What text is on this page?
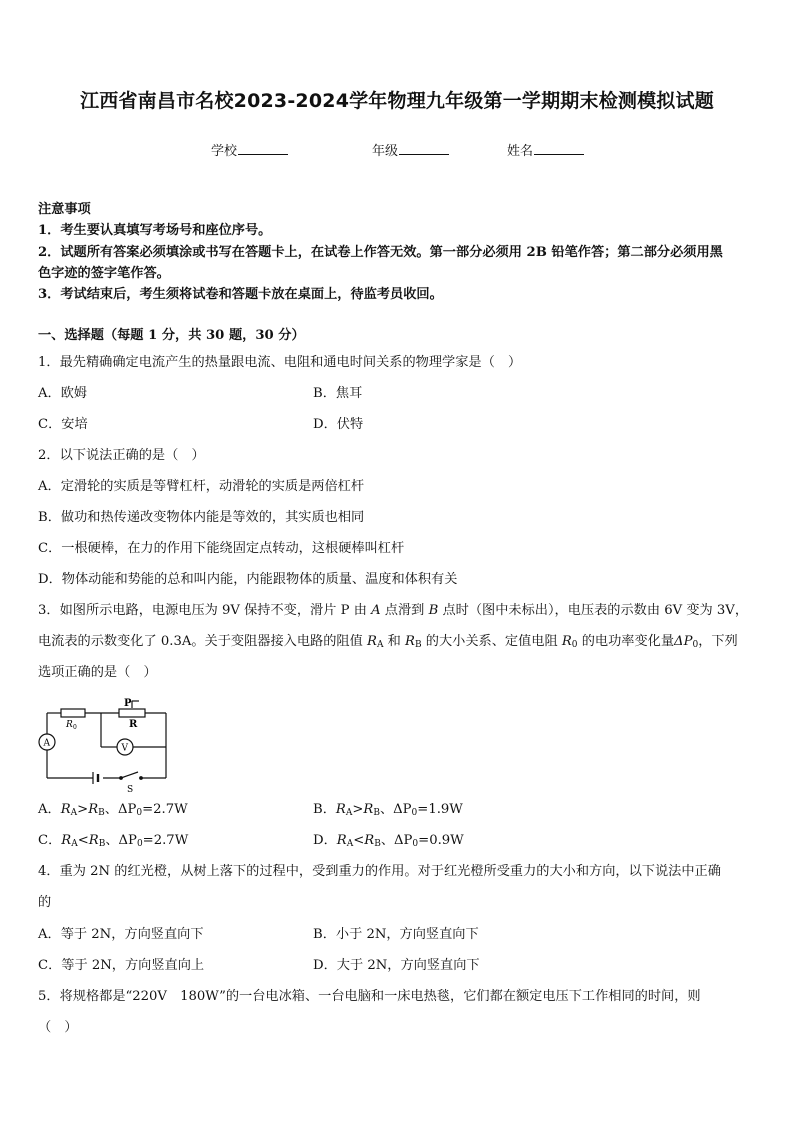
江西省南昌市名校2023-2024学年物理九年级第一学期期末检测模拟试题
学校	年级	姓名
注意事项
1．考生要认真填写考场号和座位序号。
2．试题所有答案必须填涂或书写在答题卡上，在试卷上作答无效。第一部分必须用 2B 铅笔作答；第二部分必须用黑
色字迹的签字笔作答。
3．考试结束后，考生须将试卷和答题卡放在桌面上，待监考员收回。
一、选择题（每题 1 分，共 30 题，30 分）
1．最先精确确定电流产生的热量跟电流、电阻和通电时间关系的物理学家是（　）
A．欧姆	B．焦耳
C．安培	D．伏特
2．以下说法正确的是（　）
A．定滑轮的实质是等臂杠杆，动滑轮的实质是两倍杠杆
B．做功和热传递改变物体内能是等效的，其实质也相同
C．一根硬棒，在力的作用下能绕固定点转动，这根硬棒叫杠杆
D．物体动能和势能的总和叫内能，内能跟物体的质量、温度和体积有关
3．如图所示电路，电源电压为 9V 保持不变，滑片 P 由 A 点滑到 B 点时（图中未标出），电压表的示数由 6V 变为 3V，
电流表的示数变化了 0.3A。关于变阻器接入电路的阻值 $R_A$ 和 $R_B$ 的大小关系、定值电阻 $R_0$ 的电功率变化量$\Delta P_0$，下列
选项正确的是（　）
P
R
R 0
A	V
S
A．$R_A>R_B$、$\Delta P_0=2.7W$	B．$R_A>R_B$、$\Delta P_0=1.9W$
C．$R_A<R_B$、$\Delta P_0=2.7W$	D．$R_A<R_B$、$\Delta P_0=0.9W$
4．重为 2N 的红光橙，从树上落下的过程中，受到重力的作用。对于红光橙所受重力的大小和方向，以下说法中正确
的
A．等于 2N，方向竖直向下	B．小于 2N，方向竖直向下
C．等于 2N，方向竖直向上	D．大于 2N，方向竖直向下
5．将规格都是“220V　180W”的一台电冰箱、一台电脑和一床电热毯，它们都在额定电压下工作相同的时间，则
（　）
